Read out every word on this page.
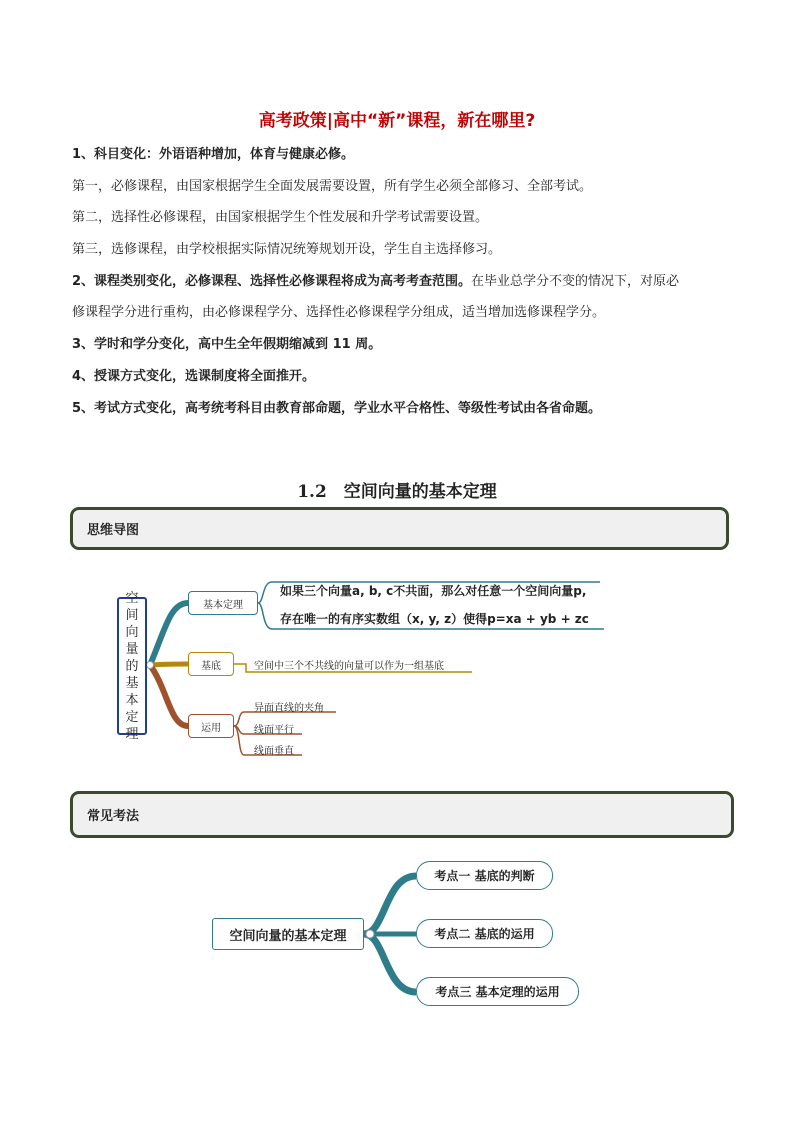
高考政策|高中“新”课程，新在哪里?
1、科目变化：外语语种增加，体育与健康必修。
第一，必修课程，由国家根据学生全面发展需要设置，所有学生必须全部修习、全部考试。
第二，选择性必修课程，由国家根据学生个性发展和升学考试需要设置。
第三，选修课程，由学校根据实际情况统筹规划开设，学生自主选择修习。
2、课程类别变化，必修课程、选择性必修课程将成为高考考查范围。在毕业总学分不变的情况下，对原必
修课程学分进行重构，由必修课程学分、选择性必修课程学分组成，适当增加选修课程学分。
3、学时和学分变化，高中生全年假期缩减到 11 周。
4、授课方式变化，选课制度将全面推开。
5、考试方式变化，高考统考科目由教育部命题，学业水平合格性、等级性考试由各省命题。
1.2　空间向量的基本定理
思维导图
空间向量的基本定理
基本定理
如果三个向量a, b, c不共面，那么对任意一个空间向量p,
存在唯一的有序实数组（x, y, z）使得p=xa + yb + zc
基底	空间中三个不共线的向量可以作为一组基底
运用
异面直线的夹角
线面平行
线面垂直
常见考法
空间向量的基本定理
考点一 基底的判断
考点二 基底的运用
考点三 基本定理的运用
